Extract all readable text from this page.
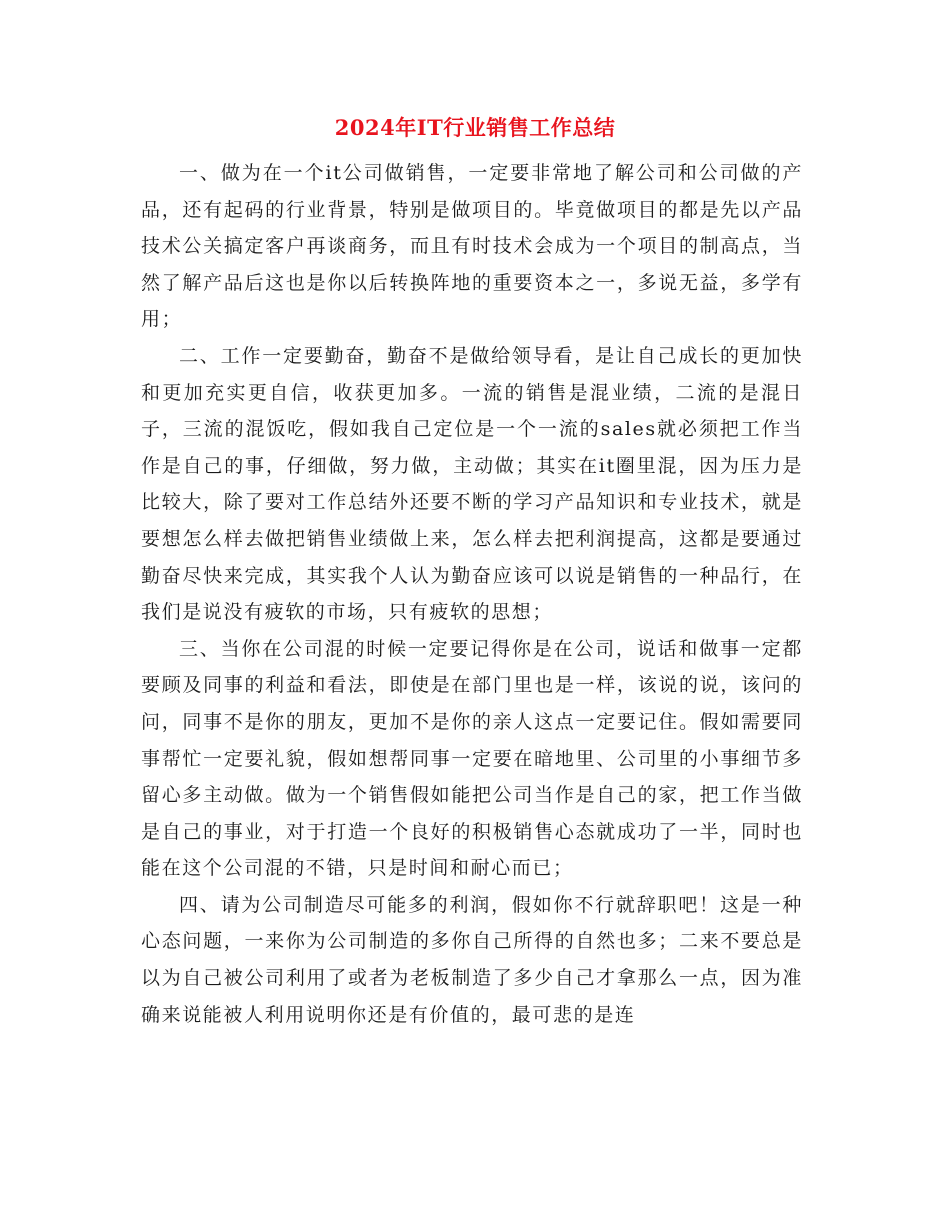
2024年IT行业销售工作总结

一、做为在一个it公司做销售，一定要非常地了解公司和公司做的产品，还有起码的行业背景，特别是做项目的。毕竟做项目的都是先以产品技术公关搞定客户再谈商务，而且有时技术会成为一个项目的制高点，当然了解产品后这也是你以后转换阵地的重要资本之一，多说无益，多学有用；

二、工作一定要勤奋，勤奋不是做给领导看，是让自己成长的更加快和更加充实更自信，收获更加多。一流的销售是混业绩，二流的是混日子，三流的混饭吃，假如我自己定位是一个一流的sales就必须把工作当作是自己的事，仔细做，努力做，主动做；其实在it圈里混，因为压力是比较大，除了要对工作总结外还要不断的学习产品知识和专业技术，就是要想怎么样去做把销售业绩做上来，怎么样去把利润提高，这都是要通过勤奋尽快来完成，其实我个人认为勤奋应该可以说是销售的一种品行，在我们是说没有疲软的市场，只有疲软的思想；

三、当你在公司混的时候一定要记得你是在公司，说话和做事一定都要顾及同事的利益和看法，即使是在部门里也是一样，该说的说，该问的问，同事不是你的朋友，更加不是你的亲人这点一定要记住。假如需要同事帮忙一定要礼貌，假如想帮同事一定要在暗地里、公司里的小事细节多留心多主动做。做为一个销售假如能把公司当作是自己的家，把工作当做是自己的事业，对于打造一个良好的积极销售心态就成功了一半，同时也能在这个公司混的不错，只是时间和耐心而已；

四、请为公司制造尽可能多的利润，假如你不行就辞职吧！这是一种心态问题，一来你为公司制造的多你自己所得的自然也多；二来不要总是以为自己被公司利用了或者为老板制造了多少自己才拿那么一点，因为准确来说能被人利用说明你还是有价值的，最可悲的是连
